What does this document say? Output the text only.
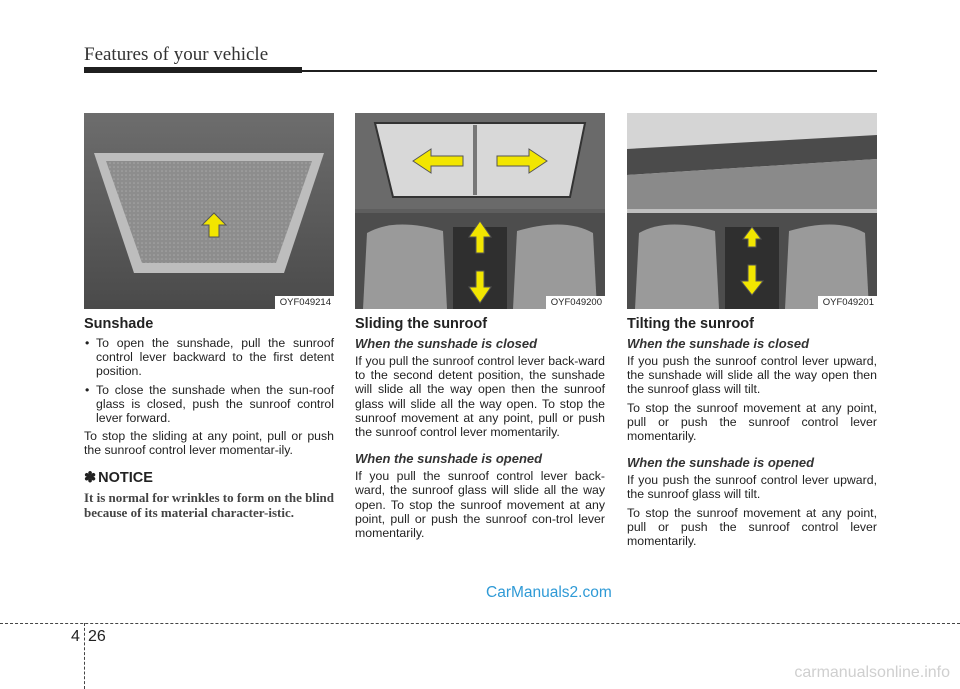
Features of your vehicle
OYF049214	OYF049200	OYF049201
Sunshade
• To open the sunshade, pull the sunroof control lever backward to the first detent position.
• To close the sunshade when the sun-roof glass is closed, push the sunroof control lever forward.

To stop the sliding at any point, pull or push the sunroof control lever momentar-ily.

✽ NOTICE
It is normal for wrinkles to form on the blind because of its material character-istic.
Sliding the sunroof
When the sunshade is closed

If you pull the sunroof control lever back-ward to the second detent position, the sunshade will slide all the way open then the sunroof glass will slide all the way open. To stop the sunroof movement at any point, pull or push the sunroof control lever momentarily.

When the sunshade is opened

If you pull the sunroof control lever back-ward, the sunroof glass will slide all the way open. To stop the sunroof movement at any point, pull or push the sunroof con-trol lever momentarily.

Tilting the sunroof
When the sunshade is closed

If you push the sunroof control lever upward, the sunshade will slide all the way open then the sunroof glass will tilt.

To stop the sunroof movement at any point, pull or push the sunroof control lever momentarily.

When the sunshade is opened

If you push the sunroof control lever upward, the sunroof glass will tilt.

To stop the sunroof movement at any point, pull or push the sunroof control lever momentarily.

CarManuals2.com
4 26
carmanualsonline.info
